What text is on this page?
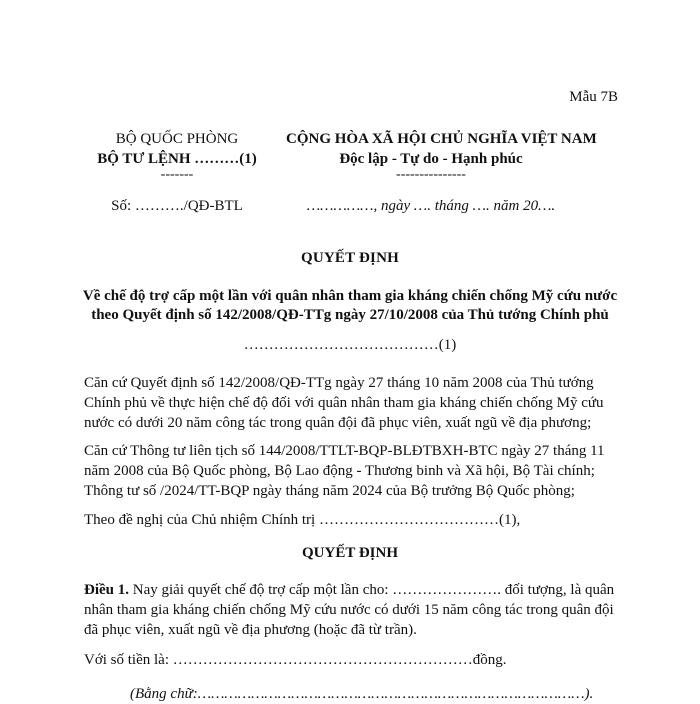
Mẫu 7B
BỘ QUỐC PHÒNG
BỘ TƯ LỆNH ………(1)
-------
Số: ………./QĐ-BTL
CỘNG HÒA XÃ HỘI CHỦ NGHĨA VIỆT NAM
Độc lập - Tự do - Hạnh phúc
---------------
……………, ngày …. tháng …. năm 20….
QUYẾT ĐỊNH
Về chế độ trợ cấp một lần với quân nhân tham gia kháng chiến chống Mỹ cứu nước theo Quyết định số 142/2008/QĐ-TTg ngày 27/10/2008 của Thủ tướng Chính phủ
…………………………………(1)
Căn cứ Quyết định số 142/2008/QĐ-TTg ngày 27 tháng 10 năm 2008 của Thủ tướng Chính phủ về thực hiện chế độ đối với quân nhân tham gia kháng chiến chống Mỹ cứu nước có dưới 20 năm công tác trong quân đội đã phục viên, xuất ngũ về địa phương;
Căn cứ Thông tư liên tịch số 144/2008/TTLT-BQP-BLĐTBXH-BTC ngày 27 tháng 11 năm 2008 của Bộ Quốc phòng, Bộ Lao động - Thương binh và Xã hội, Bộ Tài chính; Thông tư số /2024/TT-BQP ngày tháng năm 2024 của Bộ trưởng Bộ Quốc phòng;
Theo đề nghị của Chủ nhiệm Chính trị ………………………………(1),
QUYẾT ĐỊNH
Điều 1. Nay giải quyết chế độ trợ cấp một lần cho: …………………. đối tượng, là quân nhân tham gia kháng chiến chống Mỹ cứu nước có dưới 15 năm công tác trong quân đội đã phục viên, xuất ngũ về địa phương (hoặc đã từ trần).
Với số tiền là: ……………………………………………………đồng.
(Bằng chữ:……………………………………………………………………………).
